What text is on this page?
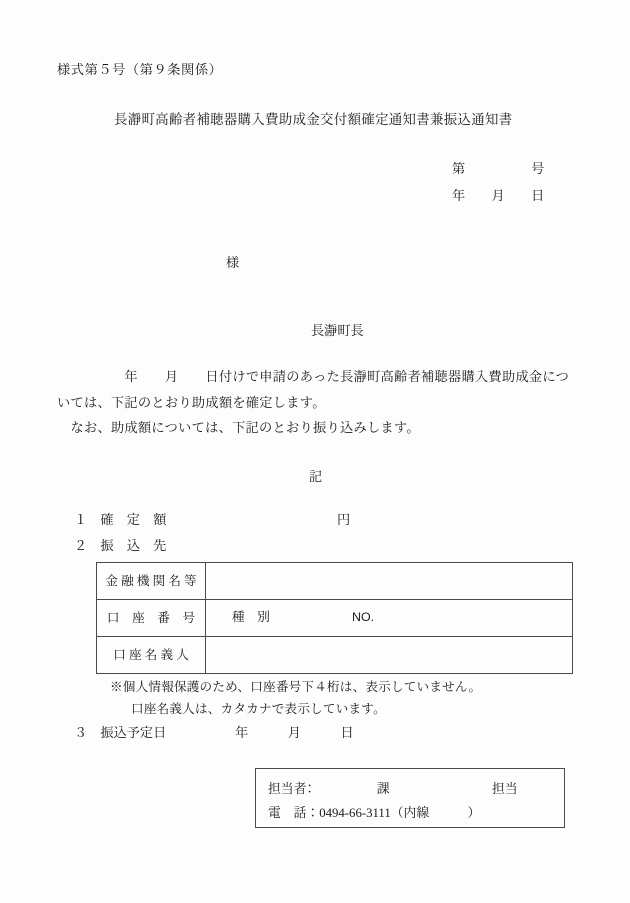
様式第５号（第９条関係）
長瀞町高齢者補聴器購入費助成金交付額確定通知書兼振込通知書
第　　　　　号
年　　月　　日
様
長瀞町長
　　　　　年　　月　　日付けで申請のあった長瀞町高齢者補聴器購入費助成金につ
いては、下記のとおり助成額を確定します。
　なお、助成額については、下記のとおり振り込みします。
記
１　確　定　額	円
２　振　込　先
金 融 機 関 名 等	
口　座　番　号	種　別 NO.

口 座 名 義 人	
※個人情報保護のため、口座番号下４桁は、表示していません。
口座名義人は、カタカナで表示しています。
３　振込予定日	年　　　月　　　日
担当者：　　　　　課　　　　　　　　担当
電　話：0494-66-3111（内線　　　）
